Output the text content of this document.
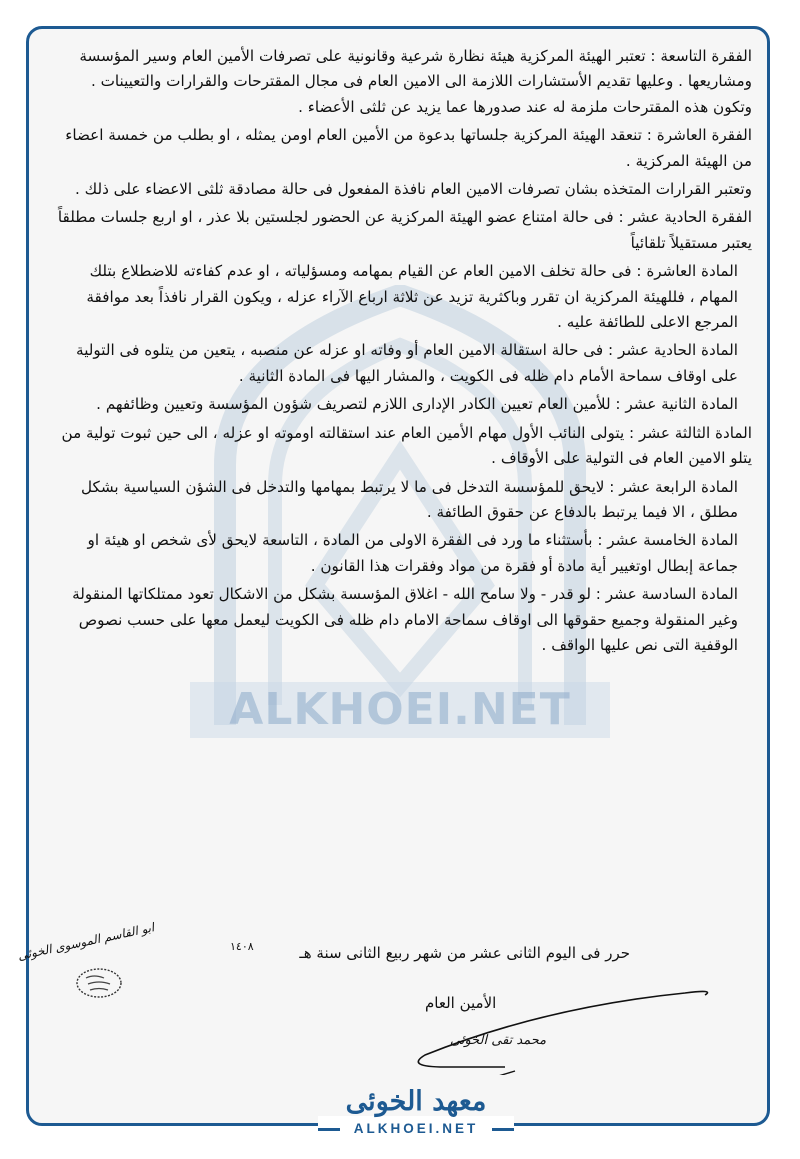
الفقرة التاسعة : تعتبر الهيئة المركزية هيئة نظارة شرعية وقانونية على تصرفات الأمين العام وسير المؤسسة ومشاريعها . وعليها تقديم الأستشارات اللازمة الى الامين العام فى مجال المقترحات والقرارات والتعيينات . وتكون هذه المقترحات ملزمة له عند صدورها عما يزيد عن ثلثى الأعضاء .

الفقرة العاشرة : تنعقد الهيئة المركزية جلساتها بدعوة من الأمين العام اومن يمثله ، او بطلب من خمسة اعضاء من الهيئة المركزية .

وتعتبر القرارات المتخذه بشان تصرفات الامين العام نافذة المفعول فى حالة مصادقة ثلثى الاعضاء على ذلك .

الفقرة الحادية عشر : فى حالة امتناع عضو الهيئة المركزية عن الحضور لجلستين بلا عذر ، او اربع جلسات مطلقاً يعتبر مستقيلاً تلقائياً

المادة العاشرة : فى حالة تخلف الامين العام عن القيام بمهامه ومسؤلياته ، او عدم كفاءته للاضطلاع بتلك المهام ، فللهيئة المركزية ان تقرر وباكثرية تزيد عن ثلاثة ارباع الآراء عزله ، ويكون القرار نافذاً بعد موافقة المرجع الاعلى للطائفة عليه .

المادة الحادية عشر : فى حالة استقالة الامين العام أو وفاته او عزله عن منصبه ، يتعين من يتلوه فى التولية على اوقاف سماحة الأمام دام ظله فى الكويت ، والمشار اليها فى المادة الثانية .

المادة الثانية عشر : للأمين العام تعيين الكادر الإدارى اللازم لتصريف شؤون المؤسسة وتعيين وظائفهم .

المادة الثالثة عشر : يتولى النائب الأول مهام الأمين العام عند استقالته اوموته او عزله ، الى حين ثبوت تولية من يتلو الامين العام فى التولية على الأوقاف .

المادة الرابعة عشر : لايحق للمؤسسة التدخل فى ما لا يرتبط بمهامها والتدخل فى الشؤن السياسية بشكل مطلق ، الا فيما يرتبط بالدفاع عن حقوق الطائفة .

المادة الخامسة عشر : بأستثناء ما ورد فى الفقرة الاولى من المادة ، التاسعة لايحق لأى شخص او هيئة او جماعة إبطال اوتغيير أية مادة أو فقرة من مواد وفقرات هذا القانون .

المادة السادسة عشر : لو قدر - ولا سامح الله - اغلاق المؤسسة بشكل من الاشكال تعود ممتلكاتها المنقولة وغير المنقولة وجميع حقوقها الى اوقاف سماحة الامام دام ظله فى الكويت ليعمل معها على حسب نصوص الوقفية التى نص عليها الواقف .

ALKHOEI.NET
ابو القاسم الموسوى الخوئى	١٤٠٨	حرر فى اليوم الثانى عشر من شهر ربيع الثانى سنة هـ
الأمين العام
محمد تقى الخوئى
معهد الخوئى
ALKHOEI.NET
